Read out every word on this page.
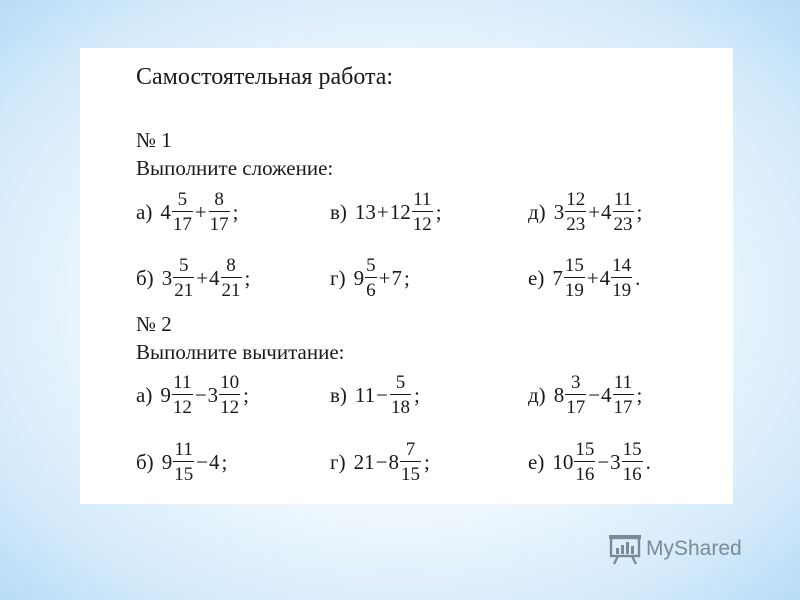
Самостоятельная работа:
№ 1
Выполните сложение:
№ 2
Выполните вычитание:
а) $4 \frac{5}{17} + \frac{8}{17}$ ;	в) $13 + 12 \frac{11}{12}$ ;	д) $3 \frac{12}{23} + 4 \frac{11}{23}$ ;
б) $3 \frac{5}{21} + 4 \frac{8}{21}$ ;	г) $9 \frac{5}{6} + 7$ ;	е) $7 \frac{15}{19} + 4 \frac{14}{19}$ .
а) $9 \frac{11}{12} - 3 \frac{10}{12}$ ;	в) $11 - \frac{5}{18}$ ;	д) $8 \frac{3}{17} - 4 \frac{11}{17}$ ;
б) $9 \frac{11}{15} - 4$ ;	г) $21 - 8 \frac{7}{15}$ ;	е) $10 \frac{15}{16} - 3 \frac{15}{16}$ .
MyShared
